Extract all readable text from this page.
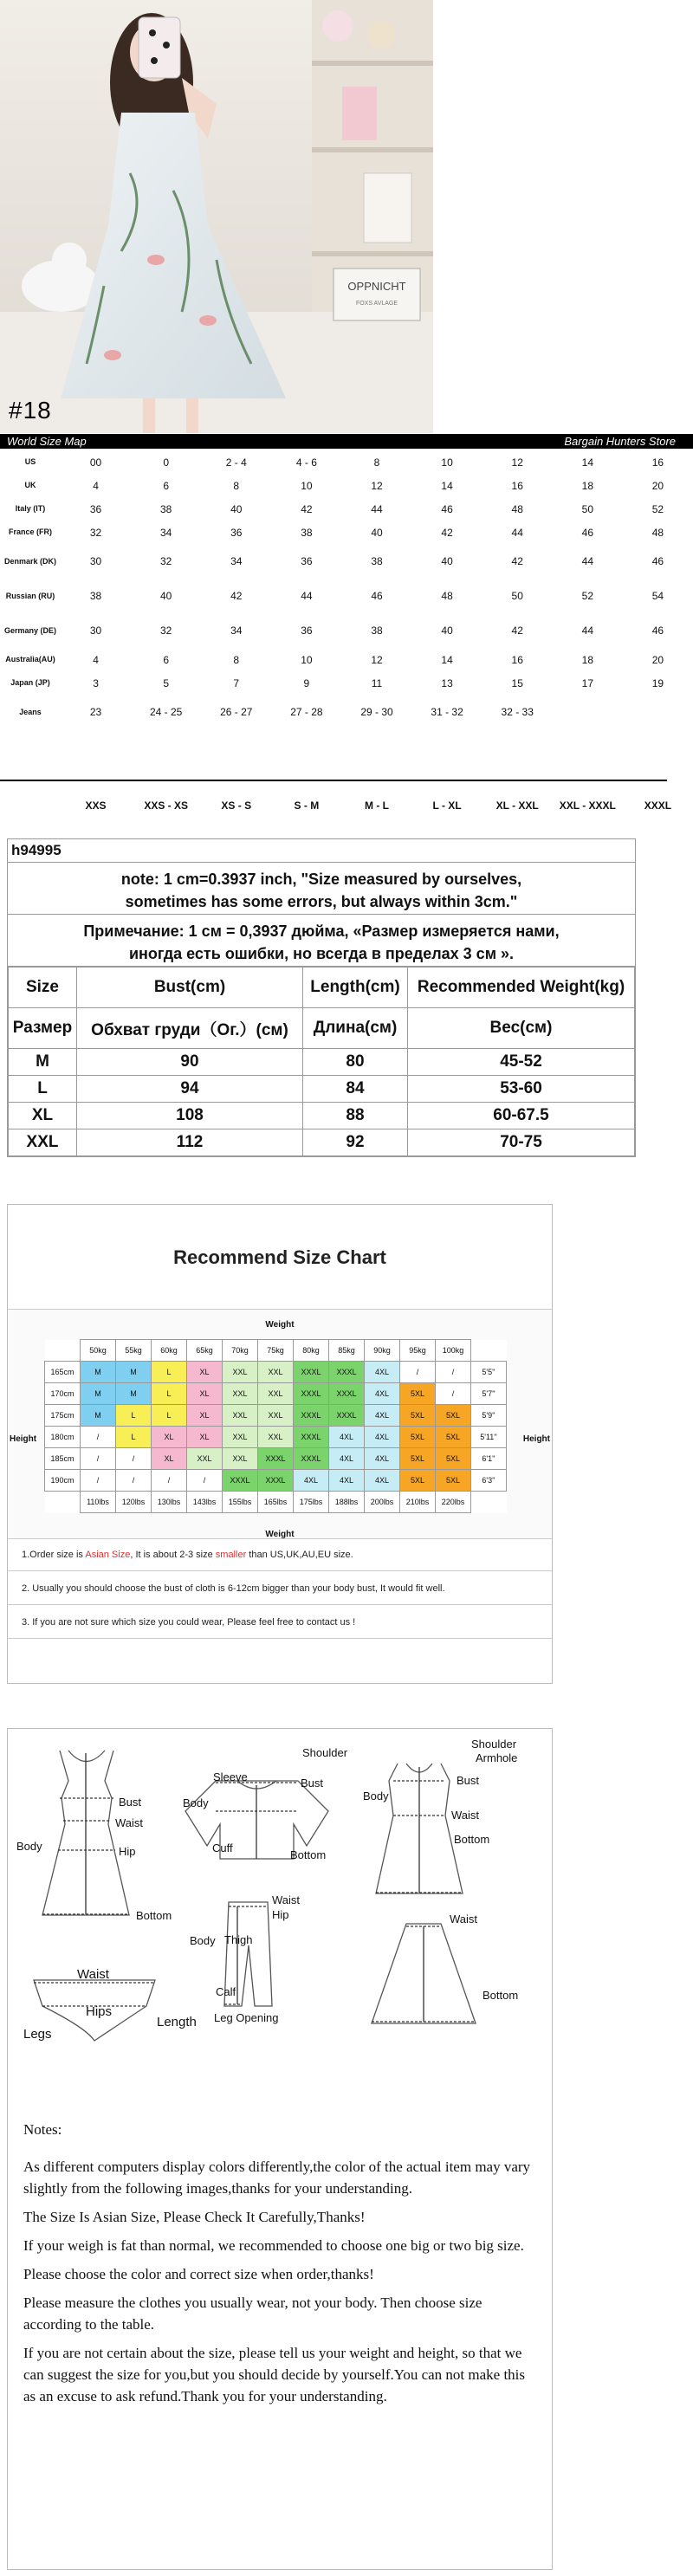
OPPNICHT
FOXS AVLAGE
#18
World Size Map	Bargain Hunters Store
US	00	0	2 - 4	4 - 6	8	10	12	14	16
UK	4	6	8	10	12	14	16	18	20
Italy (IT)	36	38	40	42	44	46	48	50	52
France (FR)	32	34	36	38	40	42	44	46	48
Denmark (DK)	30	32	34	36	38	40	42	44	46
Russian (RU)	38	40	42	44	46	48	50	52	54
Germany (DE)	30	32	34	36	38	40	42	44	46
Australia(AU)	4	6	8	10	12	14	16	18	20
Japan (JP)	3	5	7	9	11	13	15	17	19
Jeans	23	24 - 25	26 - 27	27 - 28	29 - 30	31 - 32	32 - 33		
	XXS	XXS - XS	XS - S	S - M	M - L	L - XL	XL - XXL	XXL - XXXL	XXXL
h94995
note: 1 cm=0.3937 inch, "Size measured by ourselves,
sometimes has some errors, but always within 3cm."
Примечание: 1 см = 0,3937 дюйма, «Размер измеряется нами,
иногда есть ошибки, но всегда в пределах 3 см ».
Size	Bust(cm)	Length(cm)	Recommended Weight(kg)
Размер	Обхват груди（Ог.）(см)	Длина(см)	Вес(см)
M	90	80	45-52
L	94	84	53-60
XL	108	88	60-67.5
XXL	112	92	70-75
Recommend Size Chart
Weight
Height	Height
	50kg	55kg	60kg	65kg	70kg	75kg	80kg	85kg	90kg	95kg	100kg	
165cm	M	M	L	XL	XXL	XXL	XXXL	XXXL	4XL	/	/	5'5''
170cm	M	M	L	XL	XXL	XXL	XXXL	XXXL	4XL	5XL	/	5'7''
175cm	M	L	L	XL	XXL	XXL	XXXL	XXXL	4XL	5XL	5XL	5'9''
180cm	/	L	XL	XL	XXL	XXL	XXXL	4XL	4XL	5XL	5XL	5'11''
185cm	/	/	XL	XXL	XXL	XXXL	XXXL	4XL	4XL	5XL	5XL	6'1''
190cm	/	/	/	/	XXXL	XXXL	4XL	4XL	4XL	5XL	5XL	6'3''
	110lbs	120lbs	130lbs	143lbs	155lbs	165lbs	175lbs	188lbs	200lbs	210lbs	220lbs	
Weight
1.Order size is Asian Size, It is about 2-3 size smaller than US,UK,AU,EU size.
2. Usually you should choose the bust of cloth is 6-12cm bigger than your body bust, It would fit well.
3. If you are not sure which size you could wear, Please feel free to contact us !
Bust
Waist
Hip
Body
Bottom
Shoulder
Sleeve	Bust
Body
Cuff
Bottom
Shoulder
Armhole
Bust
Waist
Body
Bottom
Waist
Hip
Body Thigh
Calf
Leg Opening
Waist
Bottom
Waist
Hips
Legs
Length

Notes:

As different computers display colors differently,the color of the actual item may vary slightly from the following images,thanks for your understanding.

The Size Is Asian Size, Please Check It Carefully,Thanks!

If your weigh is fat than normal, we recommended to choose one big or two big size.

Please choose the color and correct size when order,thanks!

Please measure the clothes you usually wear, not your body. Then choose size according to the table.

If you are not certain about the size, please tell us your weight and height, so that we can suggest the size for you,but you should decide by yourself.You can not make this as an excuse to ask refund.Thank you for your understanding.
